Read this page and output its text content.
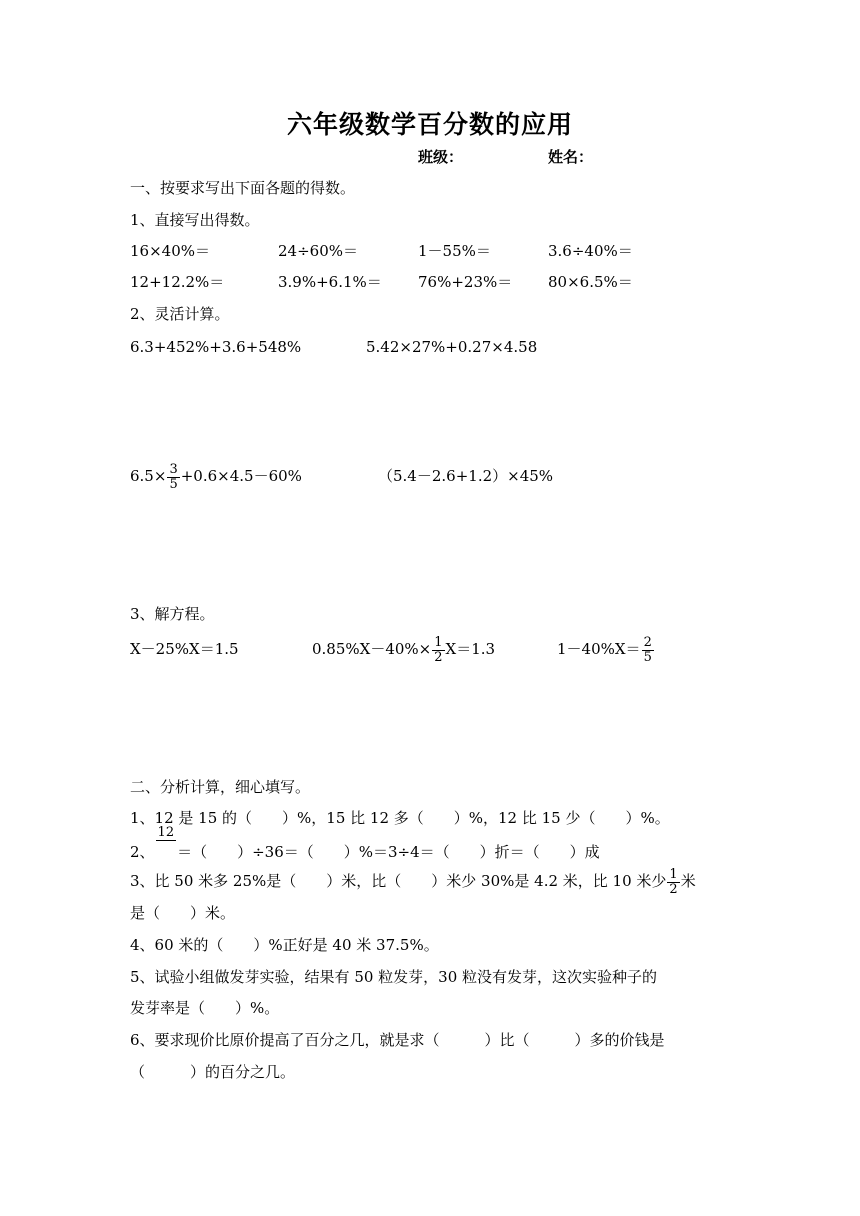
六年级数学百分数的应用
班级：	姓名：
一、按要求写出下面各题的得数。
1、直接写出得数。
16×40%＝	24÷60%＝	1－55%＝	3.6÷40%＝
12+12.2%＝	3.9%+6.1%＝ 76%+23%＝ 80×6.5%＝
2、灵活计算。
6.3+452%+3.6+548%	5.42×27%+0.27×4.58
$6.5\times \frac{3}{5} +0.6\times 4.5-60\%$	（5.4－2.6+1.2）×45%
3、解方程。
X－25%X＝1.5	$0.85\%X-40\%\times \frac{1}{2} X=1.3$	$1-40\%X= \frac{2}{5}$
二、分析计算，细心填写。
1、12 是 15 的（　　）%，15 比 12 多（　　）%，12 比 15 少（　　）%。
2、
12

＝（　　）÷36＝（　　）%＝3÷4＝（　　）折＝（　　）成
3、比 50 米多 25%是（　　）米，比（　　）米少 30%是 4.2 米，比 10 米少 $\frac{1}{2}$ 米
是（　　）米。
4、60 米的（　　）%正好是 40 米 37.5%。
5、试验小组做发芽实验，结果有 50 粒发芽，30 粒没有发芽，这次实验种子的
发芽率是（　　）%。
6、要求现价比原价提高了百分之几，就是求（　　　）比（　　　）多的价钱是
（　　　）的百分之几。
